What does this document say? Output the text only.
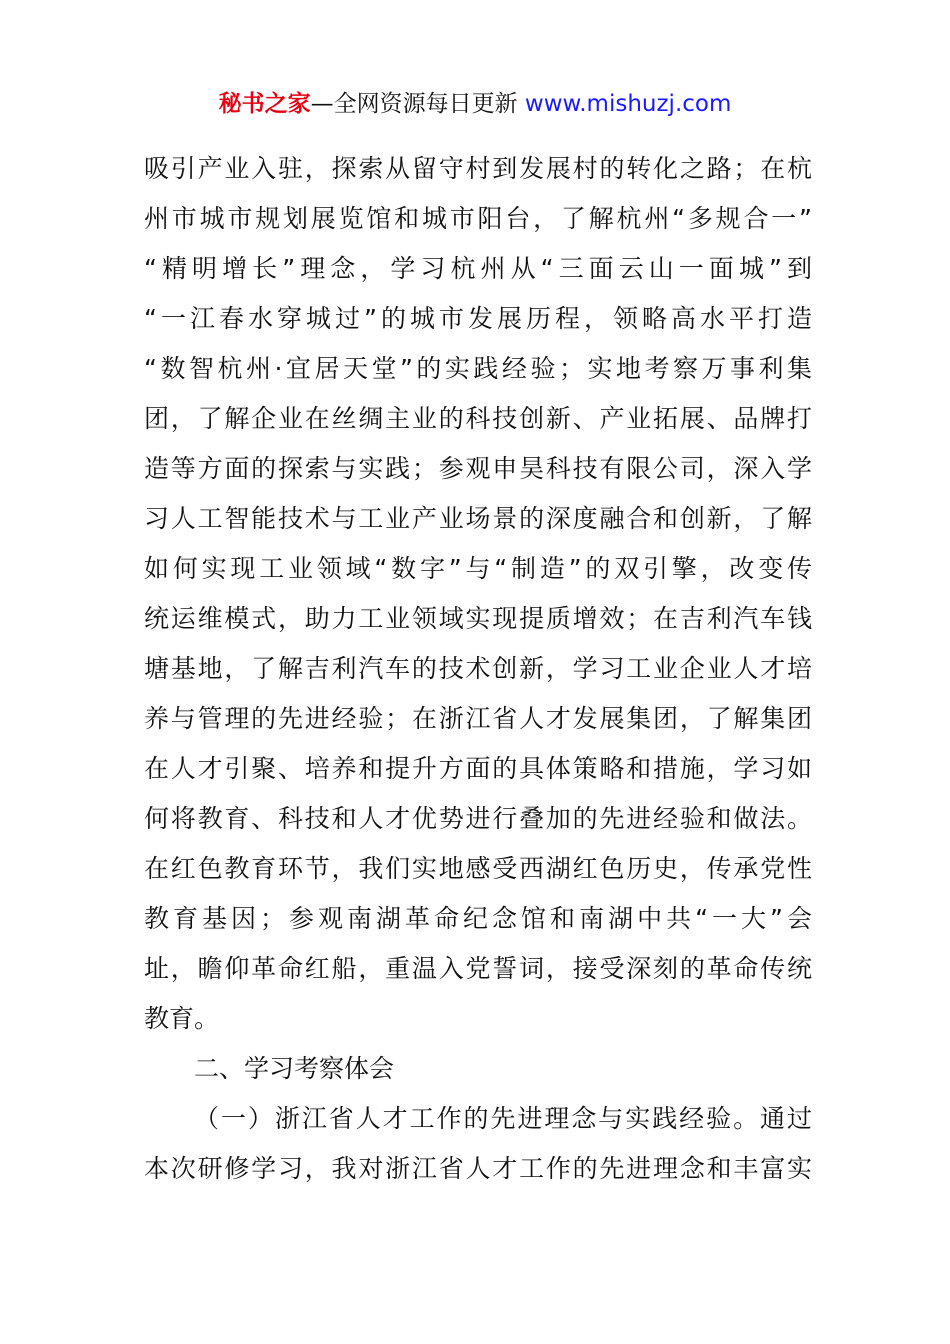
秘书之家—全网资源每日更新 www.mishuzj.com
吸引产业入驻，探索从留守村到发展村的转化之路；在杭
州市城市规划展览馆和城市阳台，了解杭州“多规合一”
“精明增长”理念，学习杭州从“三面云山一面城”到
“一江春水穿城过”的城市发展历程，领略高水平打造
“数智杭州·宜居天堂”的实践经验；实地考察万事利集
团，了解企业在丝绸主业的科技创新、产业拓展、品牌打
造等方面的探索与实践；参观申昊科技有限公司，深入学
习人工智能技术与工业产业场景的深度融合和创新，了解
如何实现工业领域“数字”与“制造”的双引擎，改变传
统运维模式，助力工业领域实现提质增效；在吉利汽车钱
塘基地，了解吉利汽车的技术创新，学习工业企业人才培
养与管理的先进经验；在浙江省人才发展集团，了解集团
在人才引聚、培养和提升方面的具体策略和措施，学习如
何将教育、科技和人才优势进行叠加的先进经验和做法。
在红色教育环节，我们实地感受西湖红色历史，传承党性
教育基因；参观南湖革命纪念馆和南湖中共“一大”会
址，瞻仰革命红船，重温入党誓词，接受深刻的革命传统
教育。
二、学习考察体会
（一）浙江省人才工作的先进理念与实践经验。通过
本次研修学习，我对浙江省人才工作的先进理念和丰富实
